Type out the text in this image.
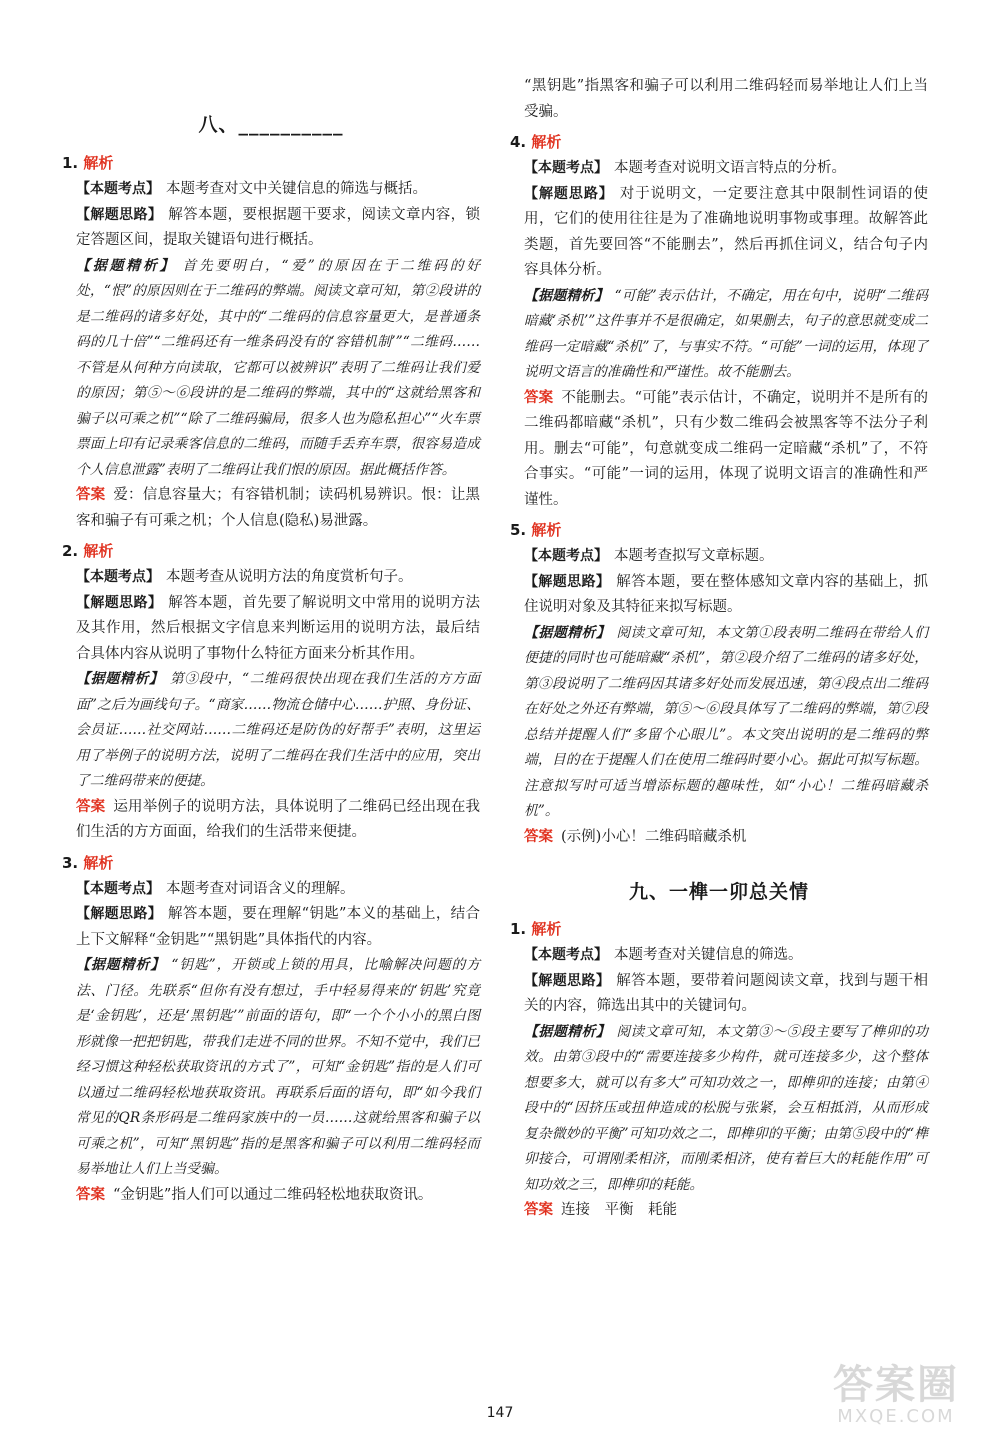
八、__________
1. 解析

【本题考点】 本题考查对文中关键信息的筛选与概括。

【解题思路】 解答本题，要根据题干要求，阅读文章内容，锁定答题区间，提取关键语句进行概括。

【据题精析】 首先要明白，“爱”的原因在于二维码的好处，“恨”的原因则在于二维码的弊端。阅读文章可知，第②段讲的是二维码的诸多好处，其中的“二维码的信息容量更大，是普通条码的几十倍”“二维码还有一维条码没有的‘容错机制’”“二维码……不管是从何种方向读取，它都可以被辨识”表明了二维码让我们爱的原因；第⑤～⑥段讲的是二维码的弊端，其中的“这就给黑客和骗子以可乘之机”“除了二维码骗局，很多人也为隐私担心”“火车票票面上印有记录乘客信息的二维码，而随手丢弃车票，很容易造成个人信息泄露”表明了二维码让我们恨的原因。据此概括作答。

答案 爱：信息容量大；有容错机制；读码机易辨识。恨：让黑客和骗子有可乘之机；个人信息(隐私)易泄露。

2. 解析

【本题考点】 本题考查从说明方法的角度赏析句子。

【解题思路】 解答本题，首先要了解说明文中常用的说明方法及其作用，然后根据文字信息来判断运用的说明方法，最后结合具体内容从说明了事物什么特征方面来分析其作用。

【据题精析】 第③段中，“二维码很快出现在我们生活的方方面面”之后为画线句子。“商家……物流仓储中心……护照、身份证、会员证……社交网站……二维码还是防伪的好帮手”表明，这里运用了举例子的说明方法，说明了二维码在我们生活中的应用，突出了二维码带来的便捷。

答案 运用举例子的说明方法，具体说明了二维码已经出现在我们生活的方方面面，给我们的生活带来便捷。

3. 解析

【本题考点】 本题考查对词语含义的理解。

【解题思路】 解答本题，要在理解“钥匙”本义的基础上，结合上下文解释“金钥匙”“黑钥匙”具体指代的内容。

【据题精析】 “钥匙”，开锁或上锁的用具，比喻解决问题的方法、门径。先联系“但你有没有想过，手中轻易得来的‘钥匙’究竟是‘金钥匙’，还是‘黑钥匙’”前面的语句，即“一个个小小的黑白图形就像一把把钥匙，带我们走进不同的世界。不知不觉中，我们已经习惯这种轻松获取资讯的方式了”，可知“金钥匙”指的是人们可以通过二维码轻松地获取资讯。再联系后面的语句，即“如今我们常见的QR条形码是二维码家族中的一员……这就给黑客和骗子以可乘之机”，可知“黑钥匙”指的是黑客和骗子可以利用二维码轻而易举地让人们上当受骗。

答案 “金钥匙”指人们可以通过二维码轻松地获取资讯。

“黑钥匙”指黑客和骗子可以利用二维码轻而易举地让人们上当受骗。

4. 解析

【本题考点】 本题考查对说明文语言特点的分析。

【解题思路】 对于说明文，一定要注意其中限制性词语的使用，它们的使用往往是为了准确地说明事物或事理。故解答此类题，首先要回答“不能删去”，然后再抓住词义，结合句子内容具体分析。

【据题精析】 “可能”表示估计，不确定，用在句中，说明“二维码暗藏‘杀机’”这件事并不是很确定，如果删去，句子的意思就变成二维码一定暗藏“杀机”了，与事实不符。“可能”一词的运用，体现了说明文语言的准确性和严谨性。故不能删去。

答案 不能删去。“可能”表示估计，不确定，说明并不是所有的二维码都暗藏“杀机”，只有少数二维码会被黑客等不法分子利用。删去“可能”，句意就变成二维码一定暗藏“杀机”了，不符合事实。“可能”一词的运用，体现了说明文语言的准确性和严谨性。

5. 解析

【本题考点】 本题考查拟写文章标题。

【解题思路】 解答本题，要在整体感知文章内容的基础上，抓住说明对象及其特征来拟写标题。

【据题精析】 阅读文章可知，本文第①段表明二维码在带给人们便捷的同时也可能暗藏“杀机”，第②段介绍了二维码的诸多好处，第③段说明了二维码因其诸多好处而发展迅速，第④段点出二维码在好处之外还有弊端，第⑤～⑥段具体写了二维码的弊端，第⑦段总结并提醒人们“多留个心眼儿”。本文突出说明的是二维码的弊端，目的在于提醒人们在使用二维码时要小心。据此可拟写标题。注意拟写时可适当增添标题的趣味性，如“小心！二维码暗藏杀机”。

答案 (示例)小心！二维码暗藏杀机

九、一榫一卯总关情
1. 解析

【本题考点】 本题考查对关键信息的筛选。

【解题思路】 解答本题，要带着问题阅读文章，找到与题干相关的内容，筛选出其中的关键词句。

【据题精析】 阅读文章可知，本文第③～⑤段主要写了榫卯的功效。由第③段中的“需要连接多少构件，就可连接多少，这个整体想要多大，就可以有多大”可知功效之一，即榫卯的连接；由第④段中的“因挤压或扭伸造成的松脱与张紧，会互相抵消，从而形成复杂微妙的平衡”可知功效之二，即榫卯的平衡；由第⑤段中的“榫卯接合，可谓刚柔相济，而刚柔相济，使有着巨大的耗能作用”可知功效之三，即榫卯的耗能。

答案 连接　平衡　耗能

147
答案圈
MXQE.COM
